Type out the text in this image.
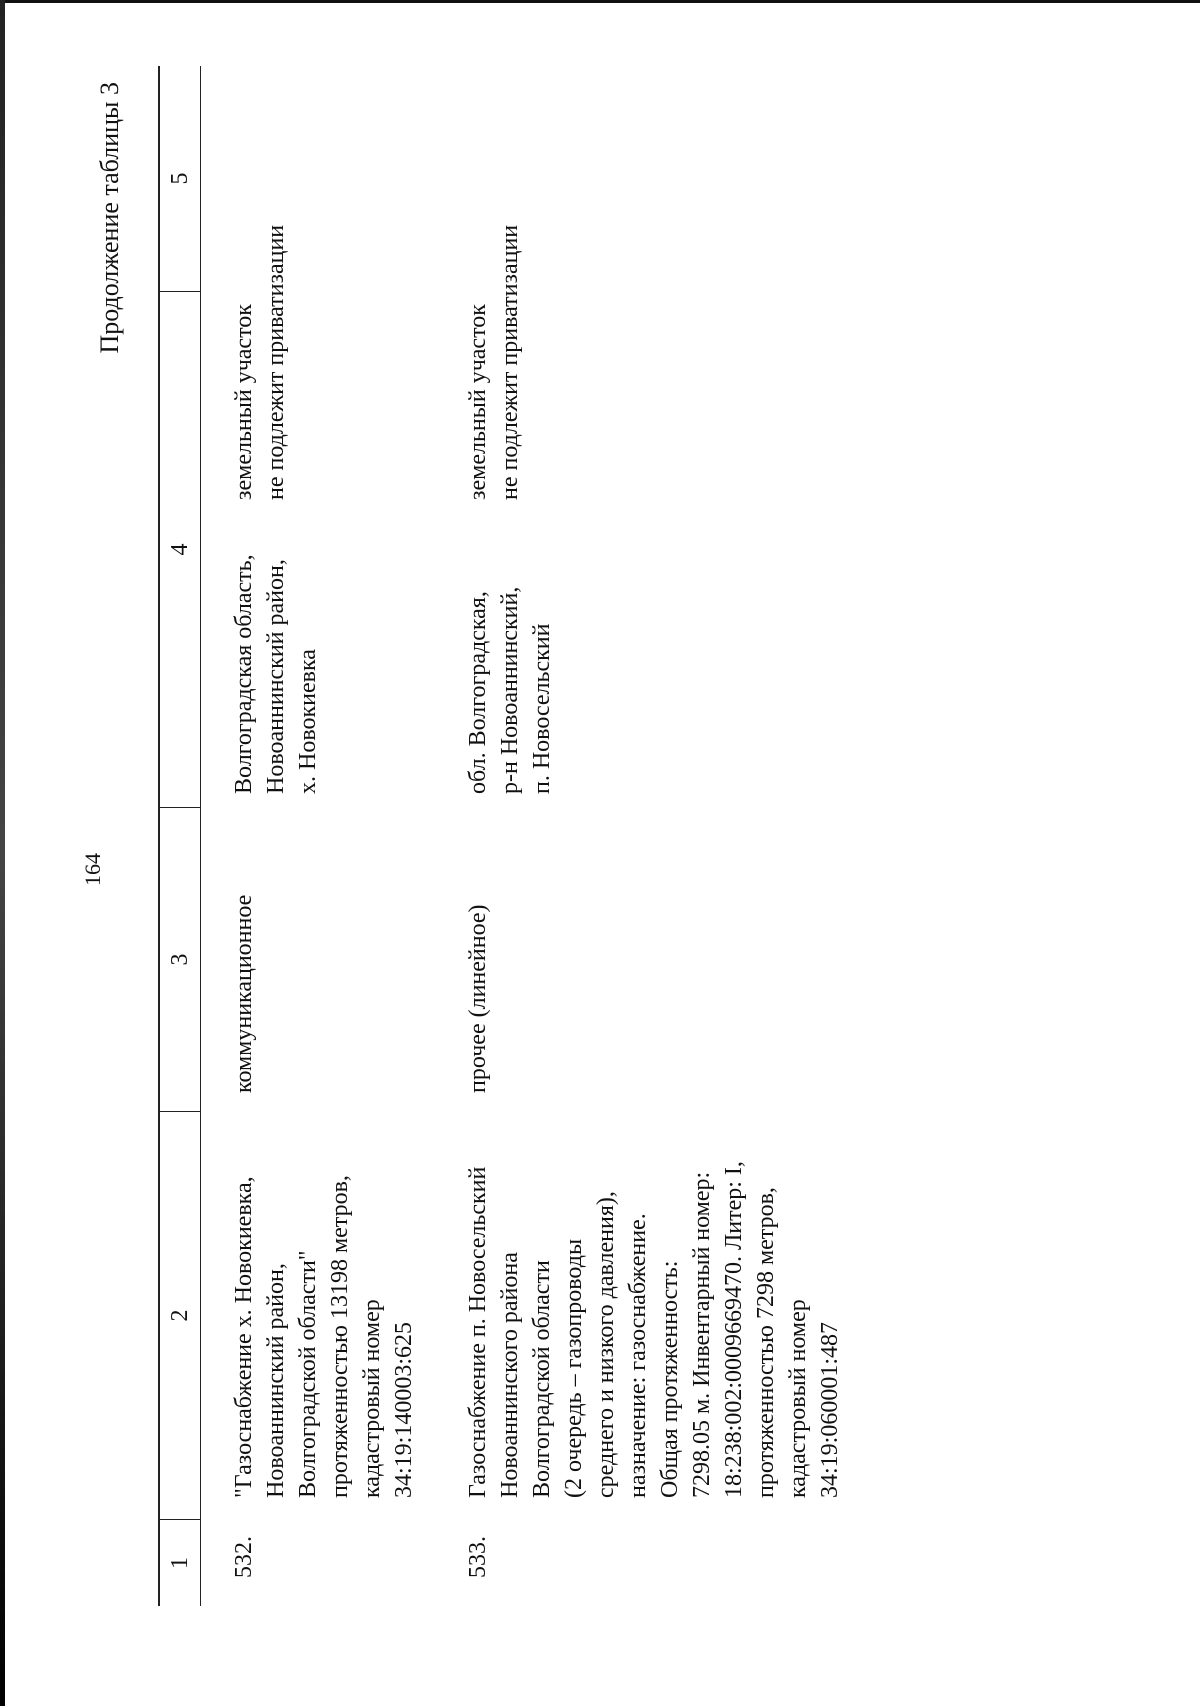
164
Продолжение таблицы 3
1
2
3
4
5
532.
"Газоснабжение х. Новокиевка,
Новоаннинский район,
Волгоградской области"
протяженностью 13198 метров,
кадастровый номер
34:19:140003:625
коммуникационное
Волгоградская область,
Новоаннинский район,
х. Новокиевка
земельный участок
не подлежит приватизации
533.
Газоснабжение п. Новосельский
Новоаннинского района
Волгоградской области
(2 очередь – газопроводы
среднего и низкого давления),
назначение: газоснабжение.
Общая протяженность:
7298.05 м. Инвентарный номер:
18:238:002:0009669470. Литер: I,
протяженностью 7298 метров,
кадастровый номер
34:19:060001:487
прочее (линейное)
обл. Волгоградская,
р-н Новоаннинский,
п. Новосельский
земельный участок
не подлежит приватизации
